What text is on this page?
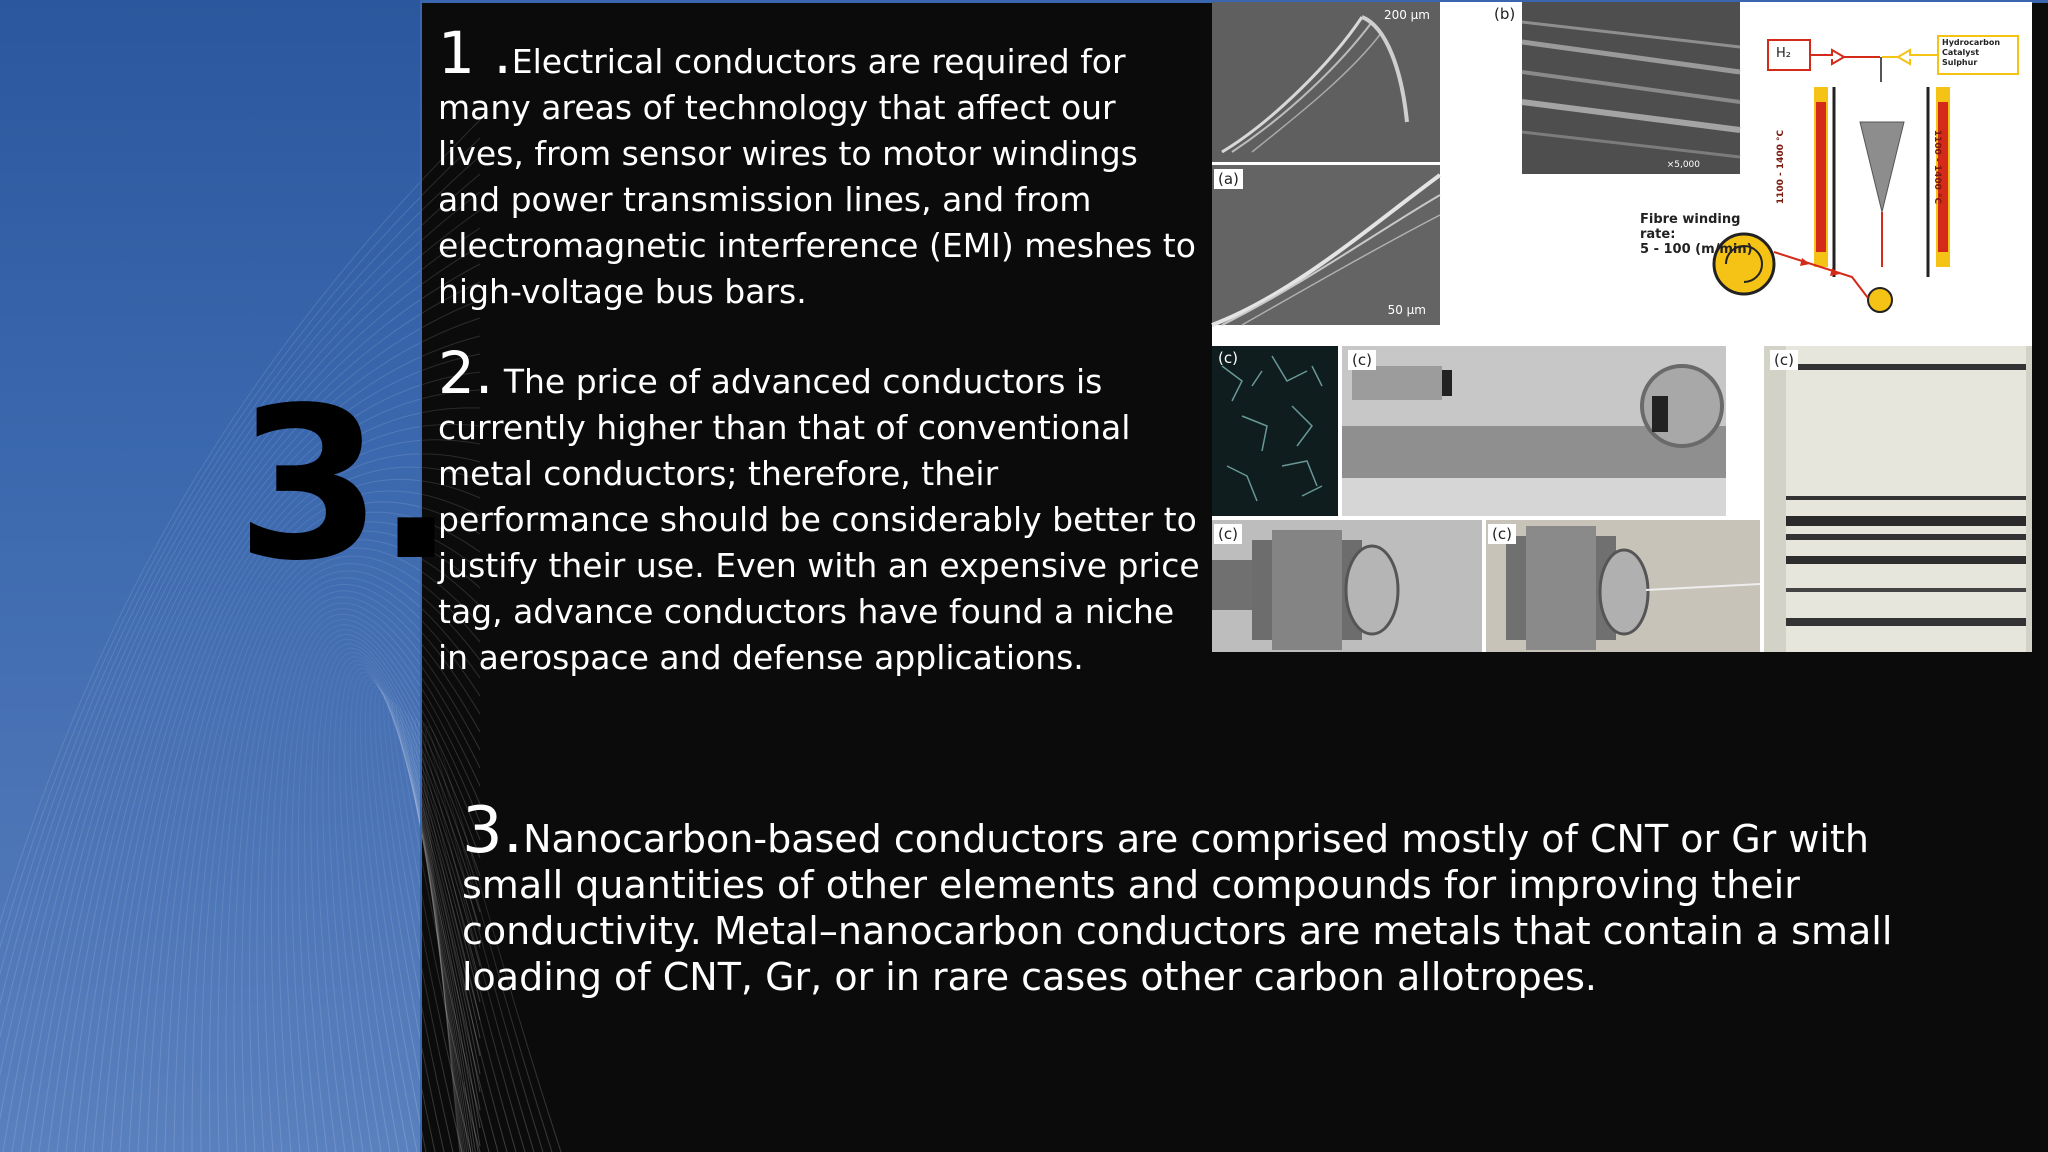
3.
1 .Electrical conductors are required for many areas of technology that affect our lives, from sensor wires to motor windings and power transmission lines, and from electromagnetic interference (EMI) meshes to high-voltage bus bars.
2. The price of advanced conductors is currently higher than that of conventional metal conductors; therefore, their performance should be considerably better to justify their use. Even with an expensive price tag, advance conductors have found a niche in aerospace and defense applications.
3.Nanocarbon-based conductors are comprised mostly of CNT or Gr with small quantities of other elements and compounds for improving their conductivity. Metal–nanocarbon conductors are metals that contain a small loading of CNT, Gr, or in rare cases other carbon allotropes.
200 μm
(a)
50 μm
×5,000
(b)
H₂
Hydrocarbon
Catalyst
Sulphur
Fibre winding rate:
5 - 100 (m/min)
1100 - 1400 °C	1100 - 1400 °C
(c)	(c)
(c)	(c)
(c)
